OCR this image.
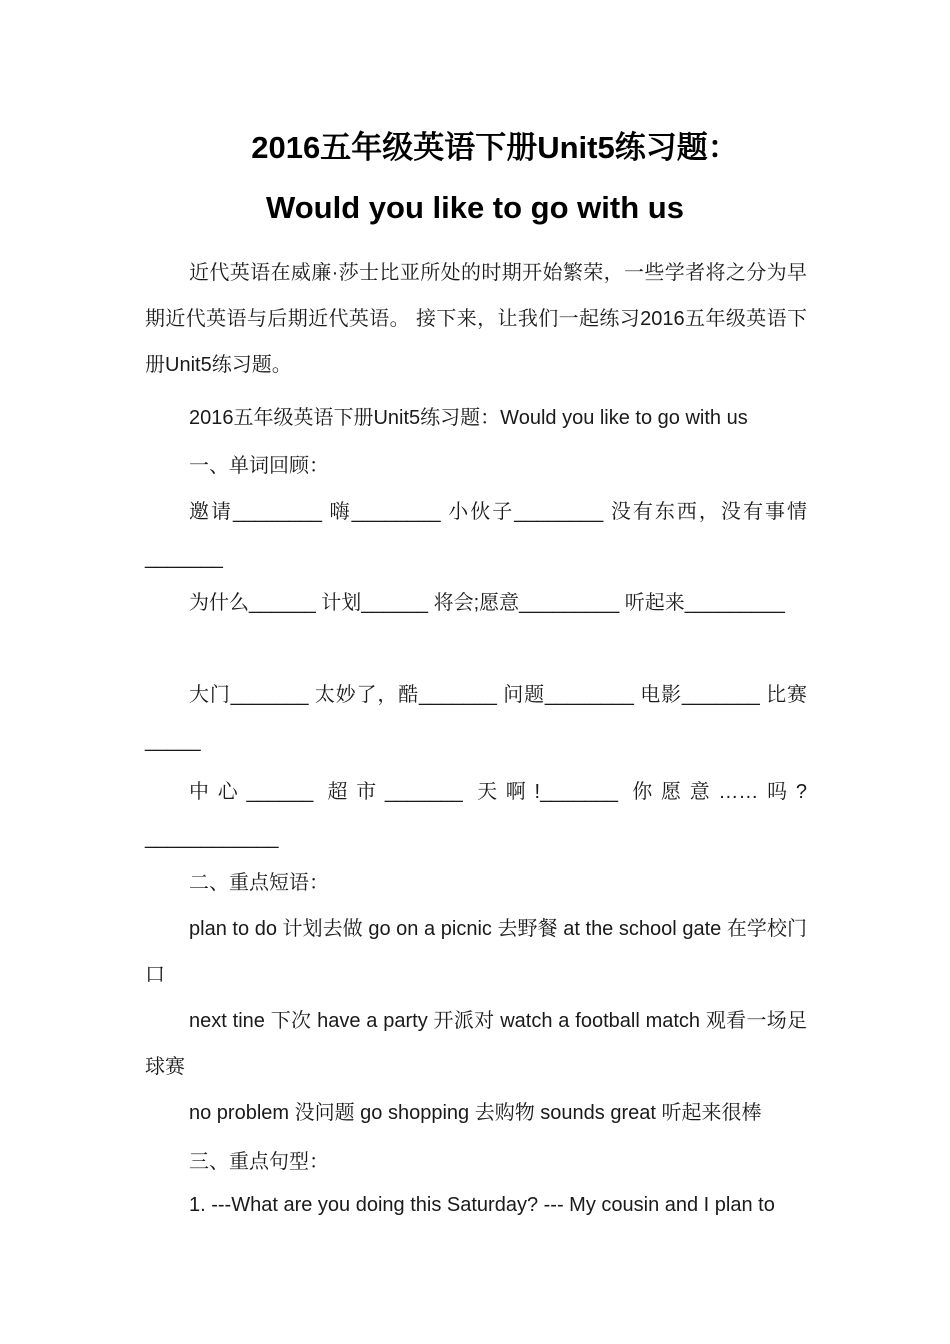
2016五年级英语下册Unit5练习题：
Would you like to go with us

近代英语在威廉·莎士比亚所处的时期开始繁荣，一些学者将之分为早期近代英语与后期近代英语。 接下来，让我们一起练习2016五年级英语下册Unit5练习题。

2016五年级英语下册Unit5练习题：Would you like to go with us

一、单词回顾：

邀请________ 嗨________ 小伙子________ 没有东西，没有事情_______

为什么______ 计划______ 将会;愿意_________ 听起来_________

大门_______ 太妙了，酷_______ 问题________ 电影_______ 比赛_____

中心______ 超市_______ 天啊!_______ 你愿意……吗?____________

二、重点短语：

plan to do 计划去做 go on a picnic 去野餐 at the school gate 在学校门口

next tine 下次 have a party 开派对 watch a football match 观看一场足球赛

no problem 没问题 go shopping 去购物 sounds great 听起来很棒

三、重点句型：

1. ---What are you doing this Saturday? --- My cousin and I plan to
